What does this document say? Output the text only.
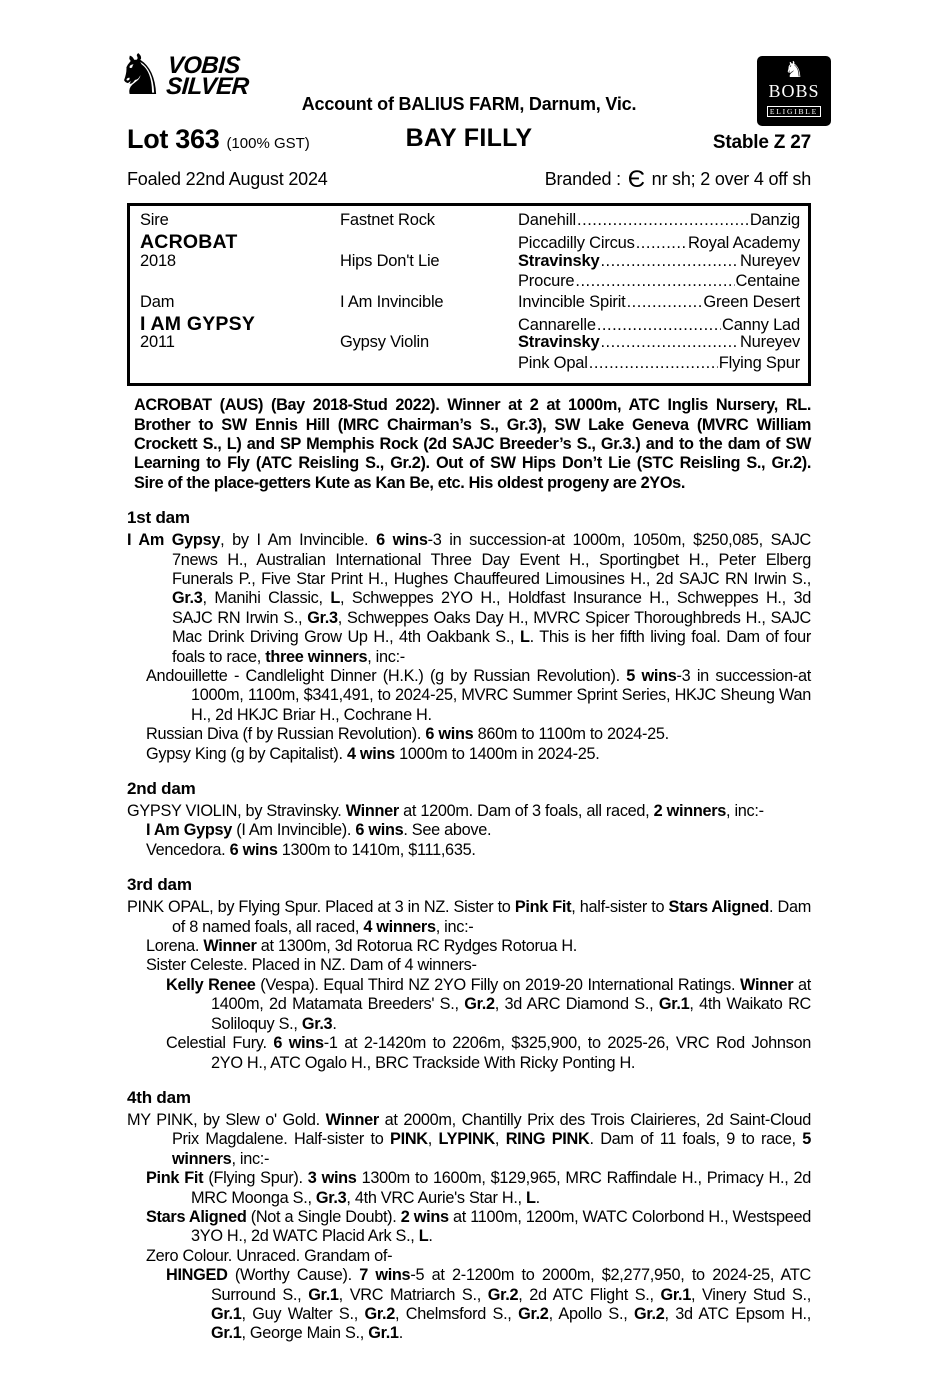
♞ VOBIS
SILVER
Account of BALIUS FARM, Darnum, Vic.
♞
BOBS
ELIGIBLE
Lot 363 (100% GST)	BAY FILLY	Stable Z 27
Foaled 22nd August 2024	Branded : Є nr sh; 2 over 4 off sh
Sire	Fastnet Rock	Danehill .....	Danzig
ACROBAT	Piccadilly Circus .....	Royal Academy
2018	Hips Don't Lie	Stravinsky .....	Nureyev
Procure .....	Centaine
Dam	I Am Invincible	Invincible Spirit .....	Green Desert
I AM GYPSY	Cannarelle .....	Canny Lad
2011	Gypsy Violin	Stravinsky .....	Nureyev
Pink Opal .....	Flying Spur

ACROBAT (AUS) (Bay 2018-Stud 2022). Winner at 2 at 1000m, ATC Inglis Nursery, RL. Brother to SW Ennis Hill (MRC Chairman’s S., Gr.3), SW Lake Geneva (MVRC William Crockett S., L) and SP Memphis Rock (2d SAJC Breeder’s S., Gr.3.) and to the dam of SW Learning to Fly (ATC Reisling S., Gr.2). Out of SW Hips Don’t Lie (STC Reisling S., Gr.2). Sire of the place-getters Kute as Kan Be, etc. His oldest progeny are 2YOs.

1st dam

I Am Gypsy, by I Am Invincible. 6 wins-3 in succession-at 1000m, 1050m, $250,085, SAJC 7news H., Australian International Three Day Event H., Sportingbet H., Peter Elberg Funerals P., Five Star Print H., Hughes Chauffeured Limousines H., 2d SAJC RN Irwin S., Gr.3, Manihi Classic, L, Schweppes 2YO H., Holdfast Insurance H., Schweppes H., 3d SAJC RN Irwin S., Gr.3, Schweppes Oaks Day H., MVRC Spicer Thoroughbreds H., SAJC Mac Drink Driving Grow Up H., 4th Oakbank S., L. This is her fifth living foal. Dam of four foals to race, three winners, inc:-

Andouillette - Candlelight Dinner (H.K.) (g by Russian Revolution). 5 wins-3 in succession-at 1000m, 1100m, $341,491, to 2024-25, MVRC Summer Sprint Series, HKJC Sheung Wan H., 2d HKJC Briar H., Cochrane H.

Russian Diva (f by Russian Revolution). 6 wins 860m to 1100m to 2024-25.

Gypsy King (g by Capitalist). 4 wins 1000m to 1400m in 2024-25.

2nd dam

GYPSY VIOLIN, by Stravinsky. Winner at 1200m. Dam of 3 foals, all raced, 2 winners, inc:-

I Am Gypsy (I Am Invincible). 6 wins. See above.

Vencedora. 6 wins 1300m to 1410m, $111,635.

3rd dam

PINK OPAL, by Flying Spur. Placed at 3 in NZ. Sister to Pink Fit, half-sister to Stars Aligned. Dam of 8 named foals, all raced, 4 winners, inc:-

Lorena. Winner at 1300m, 3d Rotorua RC Rydges Rotorua H.

Sister Celeste. Placed in NZ. Dam of 4 winners-

Kelly Renee (Vespa). Equal Third NZ 2YO Filly on 2019-20 International Ratings. Winner at 1400m, 2d Matamata Breeders' S., Gr.2, 3d ARC Diamond S., Gr.1, 4th Waikato RC Soliloquy S., Gr.3.

Celestial Fury. 6 wins-1 at 2-1420m to 2206m, $325,900, to 2025-26, VRC Rod Johnson 2YO H., ATC Ogalo H., BRC Trackside With Ricky Ponting H.

4th dam

MY PINK, by Slew o' Gold. Winner at 2000m, Chantilly Prix des Trois Clairieres, 2d Saint-Cloud Prix Magdalene. Half-sister to PINK, LYPINK, RING PINK. Dam of 11 foals, 9 to race, 5 winners, inc:-

Pink Fit (Flying Spur). 3 wins 1300m to 1600m, $129,965, MRC Raffindale H., Primacy H., 2d MRC Moonga S., Gr.3, 4th VRC Aurie's Star H., L.

Stars Aligned (Not a Single Doubt). 2 wins at 1100m, 1200m, WATC Colorbond H., Westspeed 3YO H., 2d WATC Placid Ark S., L.

Zero Colour. Unraced. Grandam of-

HINGED (Worthy Cause). 7 wins-5 at 2-1200m to 2000m, $2,277,950, to 2024-25, ATC Surround S., Gr.1, VRC Matriarch S., Gr.2, 2d ATC Flight S., Gr.1, Vinery Stud S., Gr.1, Guy Walter S., Gr.2, Chelmsford S., Gr.2, Apollo S., Gr.2, 3d ATC Epsom H., Gr.1, George Main S., Gr.1.
